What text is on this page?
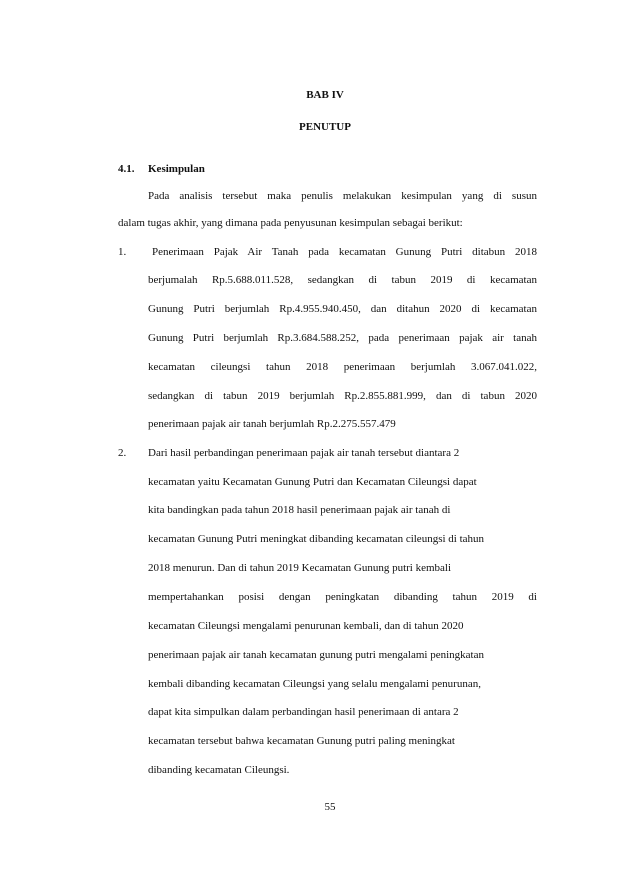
BAB IV
PENUTUP
4.1. Kesimpulan
Pada analisis tersebut maka penulis melakukan kesimpulan yang di susun
dalam tugas akhir, yang dimana pada penyusunan kesimpulan sebagai berikut:
1. Penerimaan Pajak Air Tanah pada kecamatan Gunung Putri ditabun 2018
berjumalah Rp.5.688.011.528, sedangkan di tabun 2019 di kecamatan
Gunung Putri berjumlah Rp.4.955.940.450, dan ditahun 2020 di kecamatan
Gunung Putri berjumlah Rp.3.684.588.252, pada penerimaan pajak air tanah
kecamatan cileungsi tahun 2018 penerimaan berjumlah 3.067.041.022,
sedangkan di tabun 2019 berjumlah Rp.2.855.881.999, dan di tabun 2020
penerimaan pajak air tanah berjumlah Rp.2.275.557.479
2. Dari hasil perbandingan penerimaan pajak air tanah tersebut diantara 2
kecamatan yaitu Kecamatan Gunung Putri dan Kecamatan Cileungsi dapat
kita bandingkan pada tahun 2018 hasil penerimaan pajak air tanah di
kecamatan Gunung Putri meningkat dibanding kecamatan cileungsi di tahun
2018 menurun. Dan di tahun 2019 Kecamatan Gunung putri kembali
mempertahankan posisi dengan peningkatan dibanding tahun 2019 di
kecamatan Cileungsi mengalami penurunan kembali, dan di tahun 2020
penerimaan pajak air tanah kecamatan gunung putri mengalami peningkatan
kembali dibanding kecamatan Cileungsi yang selalu mengalami penurunan,
dapat kita simpulkan dalam perbandingan hasil penerimaan di antara 2
kecamatan tersebut bahwa kecamatan Gunung putri paling meningkat
dibanding kecamatan Cileungsi.
55
